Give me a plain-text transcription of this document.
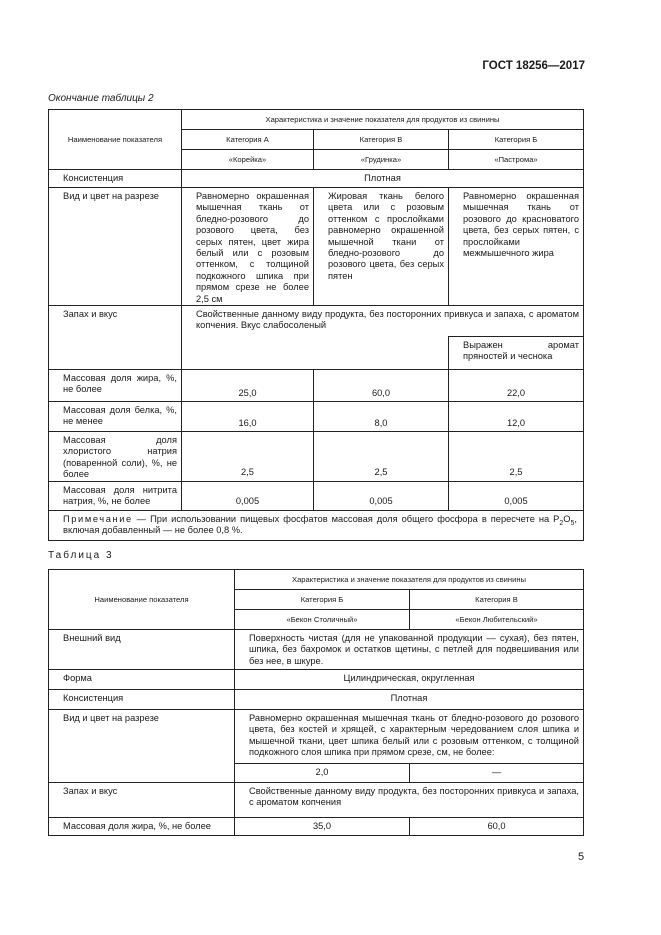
ГОСТ 18256—2017
Окончание таблицы 2
Наименование показателя	Характеристика и значение показателя для продуктов из свинины		
	Категория А	Категория В	Категория Б
	«Корейка»	«Грудинка»	«Пастрома»
Консистенция	Плотная		
Вид и цвет на разрезе	Равномерно окрашенная мышечная ткань от бледно-розового до розового цвета, без серых пятен, цвет жира белый или с розовым оттенком, с толщиной подкожного шпика при прямом срезе не более 2,5 см	Жировая ткань белого цвета или с розовым оттенком с прослойками равномерно окрашенной мышечной ткани от бледно-розового до розового цвета, без серых пятен	Равномерно окрашенная мышечная ткань от розового до красноватого цвета, без серых пятен, с прослойками межмышечного жира
Запах и вкус	Свойственные данному виду продукта, без посторонних привкуса и запаха, с ароматом копчения. Вкус слабосоленый		
			Выражен аромат пряностей и чеснока
Массовая доля жира, %, не более	25,0	60,0	22,0
Массовая доля белка, %, не менее	16,0	8,0	12,0
Массовая доля хлористого натрия (поваренной соли), %, не более	2,5	2,5	2,5
Массовая доля нитрита натрия, %, не более	0,005	0,005	0,005
Примечание — При использовании пищевых фосфатов массовая доля общего фосфора в пересчете на $P_2O_5$, включая добавленный — не более 0,8 %.			
Таблица 3
Наименование показателя	Характеристика и значение показателя для продуктов из свинины	
	Категория Б	Категория В
	«Бекон Столичный»	«Бекон Любительский»
Внешний вид	Поверхность чистая (для не упакованной продукции — сухая), без пятен, шпика, без бахромок и остатков щетины, с петлей для подвешивания или без нее, в шкуре.	
Форма	Цилиндрическая, округленная	
Консистенция	Плотная	
Вид и цвет на разрезе	Равномерно окрашенная мышечная ткань от бледно-розового до розового цвета, без костей и хрящей, с характерным чередованием слоя шпика и мышечной ткани, цвет шпика белый или с розовым оттенком, с толщиной подкожного слоя шпика при прямом срезе, см, не более:	
	2,0	—
Запах и вкус	Свойственные данному виду продукта, без посторонних привкуса и запаха, с ароматом копчения	
Массовая доля жира, %, не более	35,0	60,0
5
